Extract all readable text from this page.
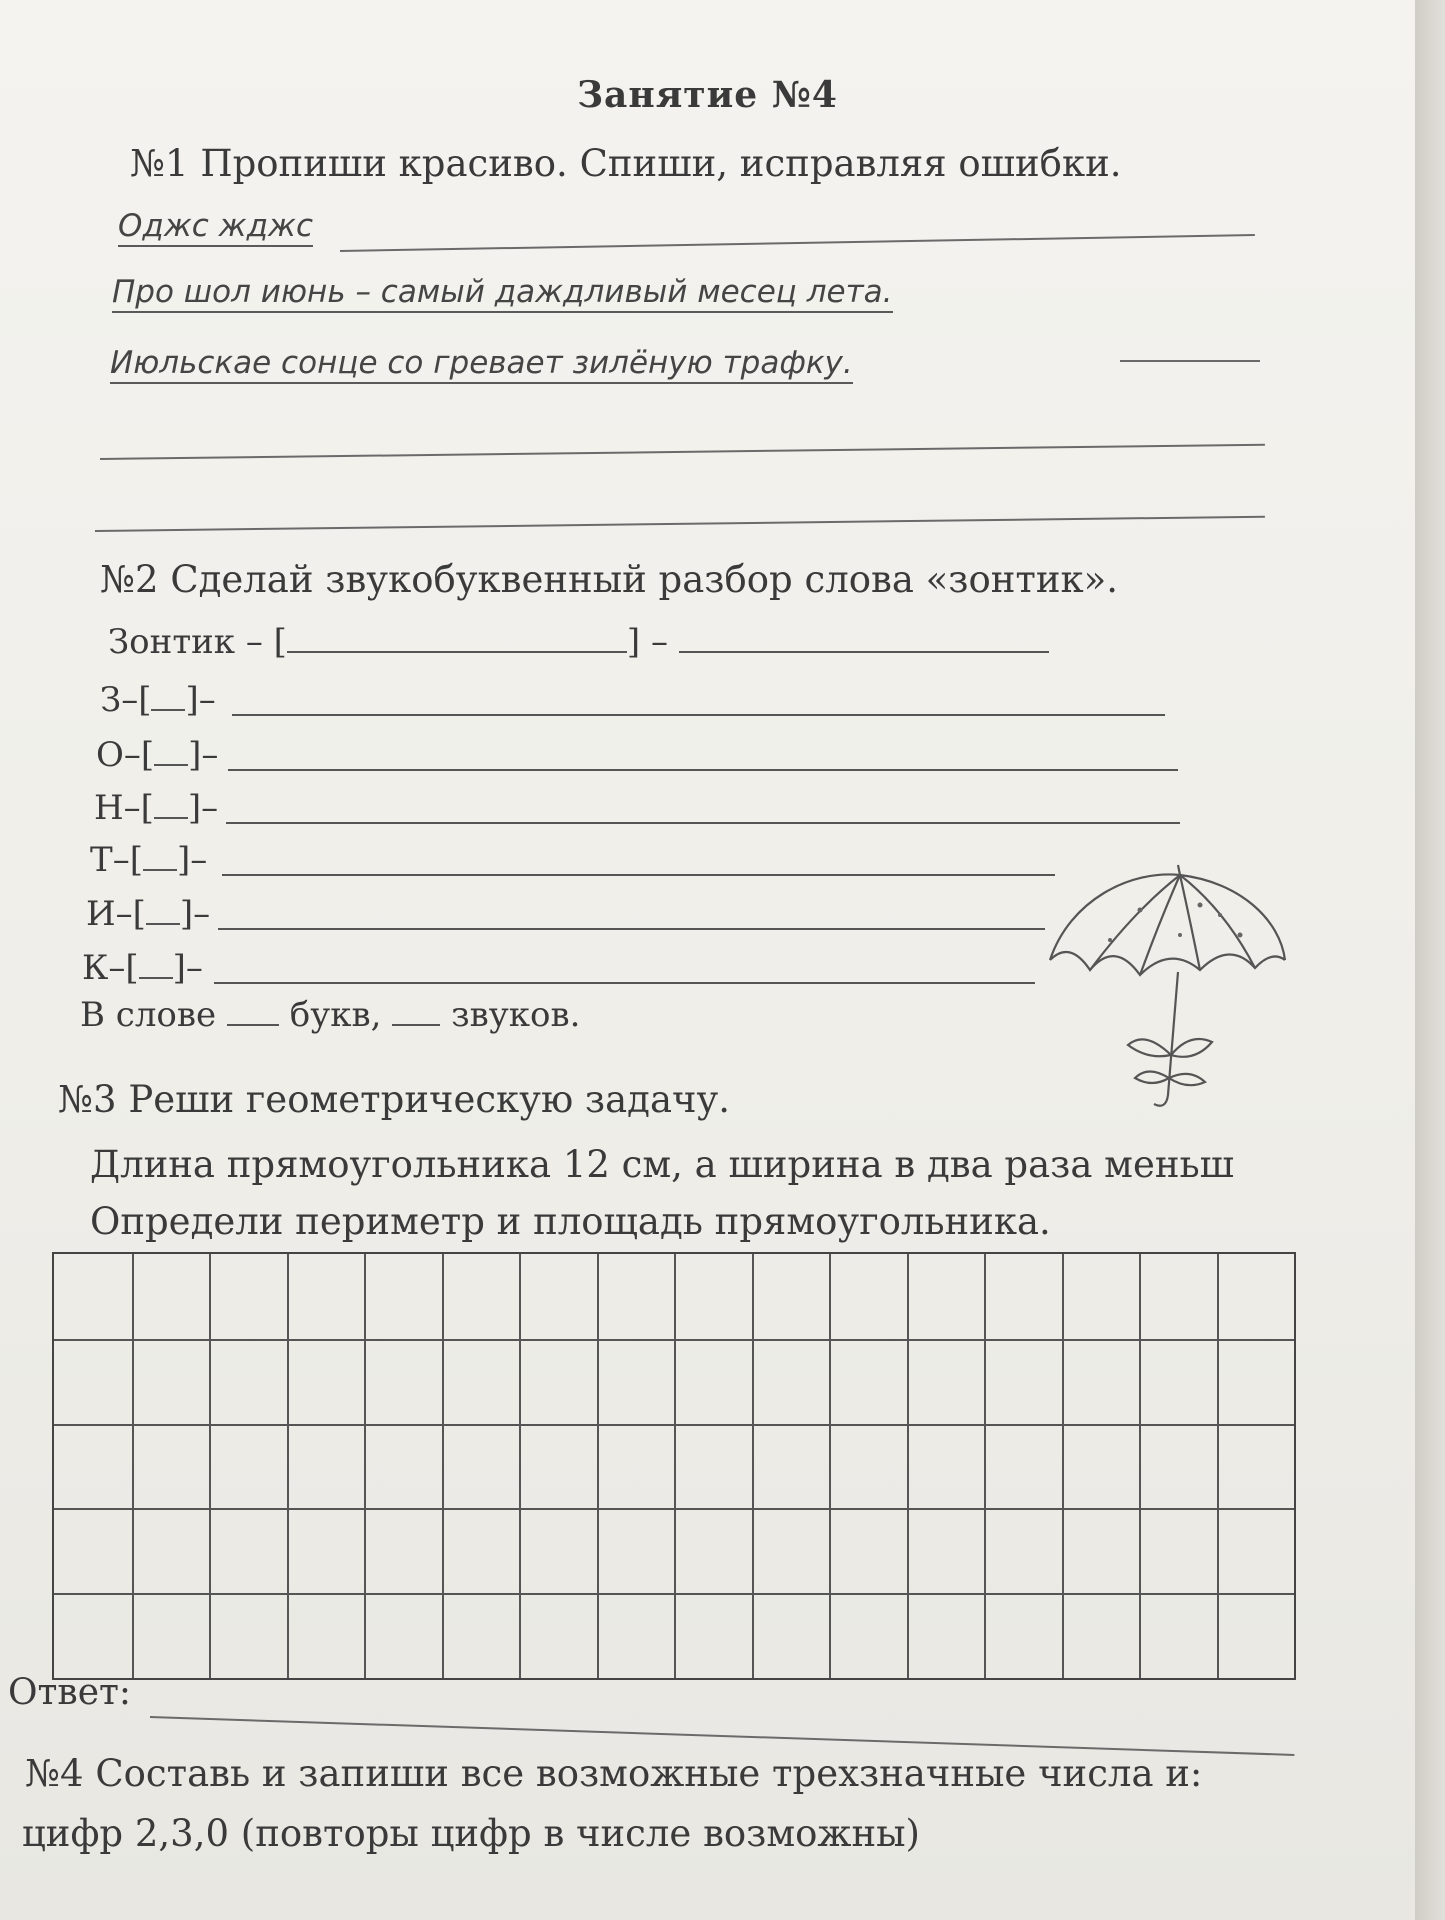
Занятие №4
№1 Пропиши красиво. Спиши, исправляя ошибки.
Оджс жджс
Про шол июнь – самый даждливый месец лета.
Июльскае сонце со гревает зилёную трафку.
№2 Сделай звукобуквенный разбор слова «зонтик».
Зонтик – [	] –
З–[ ]–
О–[ ]–
Н–[ ]–
Т–[ ]–
И–[ ]–
К–[ ]–
В слове букв, звуков.
№3 Реши геометрическую задачу.
Длина прямоугольника 12 см, а ширина в два раза меньш
Определи периметр и площадь прямоугольника.
Ответ:
№4 Составь и запиши все возможные трехзначные числа и:
цифр 2,3,0 (повторы цифр в числе возможны)
